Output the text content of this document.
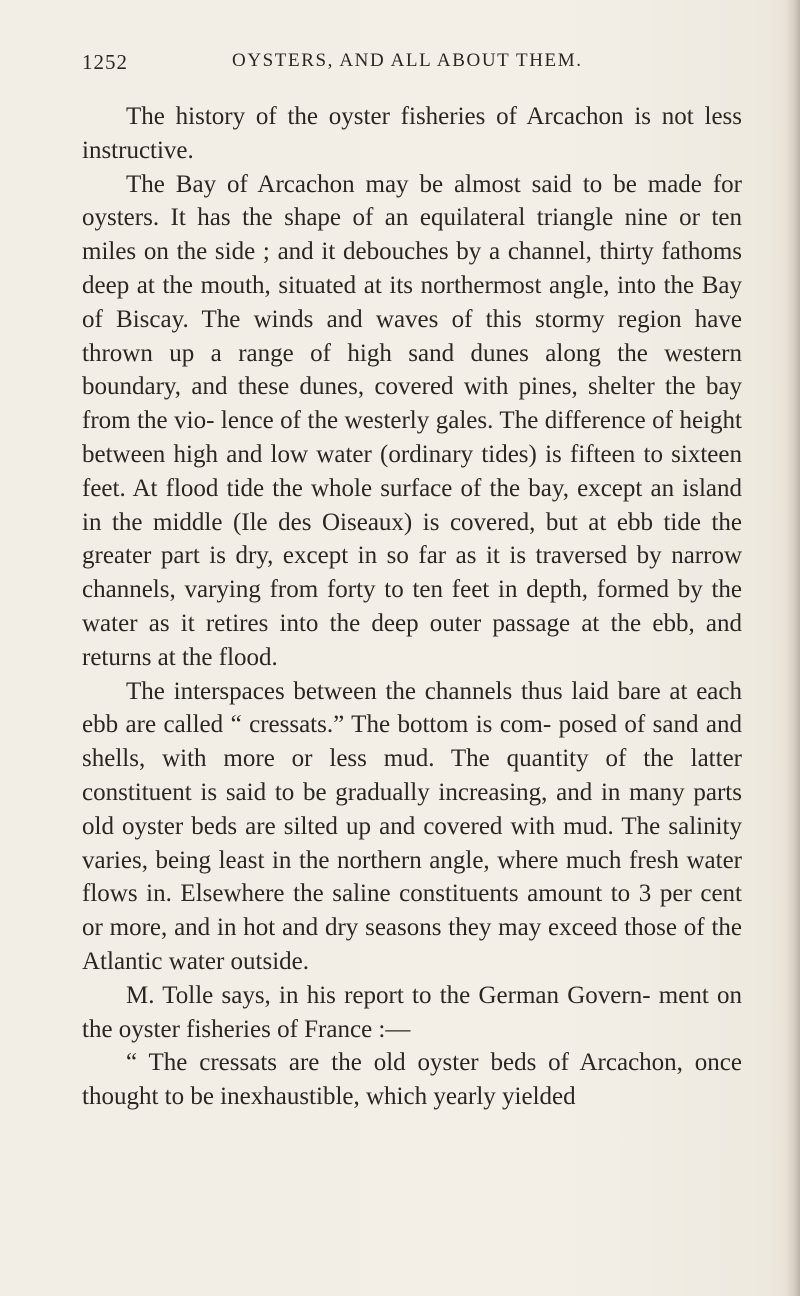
1252	OYSTERS, AND ALL ABOUT THEM.

The history of the oyster fisheries of Arcachon is not less instructive.

The Bay of Arcachon may be almost said to be made for oysters. It has the shape of an equilateral triangle nine or ten miles on the side ; and it debouches by a channel, thirty fathoms deep at the mouth, situated at its northermost angle, into the Bay of Biscay. The winds and waves of this stormy region have thrown up a range of high sand dunes along the western boundary, and these dunes, covered with pines, shelter the bay from the vio- lence of the westerly gales. The difference of height between high and low water (ordinary tides) is fifteen to sixteen feet. At flood tide the whole surface of the bay, except an island in the middle (Ile des Oiseaux) is covered, but at ebb tide the greater part is dry, except in so far as it is traversed by narrow channels, varying from forty to ten feet in depth, formed by the water as it retires into the deep outer passage at the ebb, and returns at the flood.

The interspaces between the channels thus laid bare at each ebb are called “ cressats.” The bottom is com- posed of sand and shells, with more or less mud. The quantity of the latter constituent is said to be gradually increasing, and in many parts old oyster beds are silted up and covered with mud. The salinity varies, being least in the northern angle, where much fresh water flows in. Elsewhere the saline constituents amount to 3 per cent or more, and in hot and dry seasons they may exceed those of the Atlantic water outside.

M. Tolle says, in his report to the German Govern- ment on the oyster fisheries of France :—

“ The cressats are the old oyster beds of Arcachon, once thought to be inexhaustible, which yearly yielded
